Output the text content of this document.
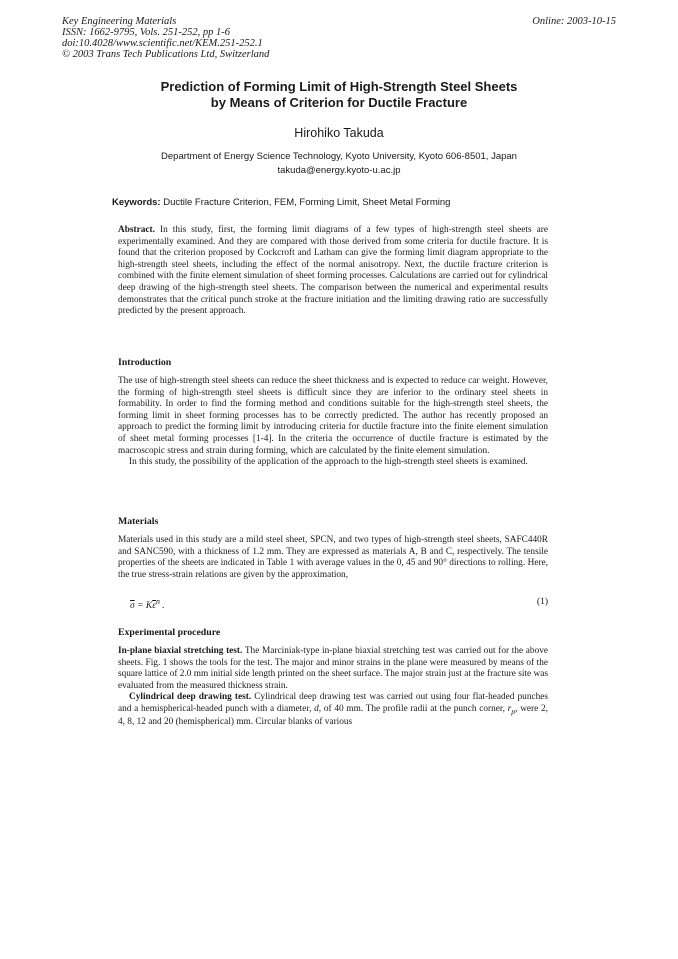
Key Engineering Materials
ISSN: 1662-9795, Vols. 251-252, pp 1-6
doi:10.4028/www.scientific.net/KEM.251-252.1
© 2003 Trans Tech Publications Ltd, Switzerland
Online: 2003-10-15
Prediction of Forming Limit of High-Strength Steel Sheets
by Means of Criterion for Ductile Fracture
Hirohiko Takuda
Department of Energy Science Technology, Kyoto University, Kyoto 606-8501, Japan
takuda@energy.kyoto-u.ac.jp
Keywords: Ductile Fracture Criterion, FEM, Forming Limit, Sheet Metal Forming

Abstract. In this study, first, the forming limit diagrams of a few types of high-strength steel sheets are experimentally examined. And they are compared with those derived from some criteria for ductile fracture. It is found that the criterion proposed by Cockcroft and Latham can give the forming limit diagram appropriate to the high-strength steel sheets, including the effect of the normal anisotropy. Next, the ductile fracture criterion is combined with the finite element simulation of sheet forming processes. Calculations are carried out for cylindrical deep drawing of the high-strength steel sheets. The comparison between the numerical and experimental results demonstrates that the critical punch stroke at the fracture initiation and the limiting drawing ratio are successfully predicted by the present approach.

Introduction

The use of high-strength steel sheets can reduce the sheet thickness and is expected to reduce car weight. However, the forming of high-strength steel sheets is difficult since they are inferior to the ordinary steel sheets in formability. In order to find the forming method and conditions suitable for the high-strength steel sheets, the forming limit in sheet forming processes has to be correctly predicted. The author has recently proposed an approach to predict the forming limit by introducing criteria for ductile fracture into the finite element simulation of sheet metal forming processes [1-4]. In the criteria the occurrence of ductile fracture is estimated by the macroscopic stress and strain during forming, which are calculated by the finite element simulation.

In this study, the possibility of the application of the approach to the high-strength steel sheets is examined.

Materials

Materials used in this study are a mild steel sheet, SPCN, and two types of high-strength steel sheets, SAFC440R and SANC590, with a thickness of 1.2 mm. They are expressed as materials A, B and C, respectively. The tensile properties of the sheets are indicated in Table 1 with average values in the 0, 45 and 90° directions to rolling. Here, the true stress-strain relations are given by the approximation,

$\overline{\sigma} = K\overline{\varepsilon}^n$ .	(1)
Experimental procedure

In-plane biaxial stretching test. The Marciniak-type in-plane biaxial stretching test was carried out for the above sheets. Fig. 1 shows the tools for the test. The major and minor strains in the plane were measured by means of the square lattice of 2.0 mm initial side length printed on the sheet surface. The major strain just at the fracture site was evaluated from the measured thickness strain.

Cylindrical deep drawing test. Cylindrical deep drawing test was carried out using four flat-headed punches and a hemispherical-headed punch with a diameter, d, of 40 mm. The profile radii at the punch corner, $r_p$, were 2, 4, 8, 12 and 20 (hemispherical) mm. Circular blanks of various
